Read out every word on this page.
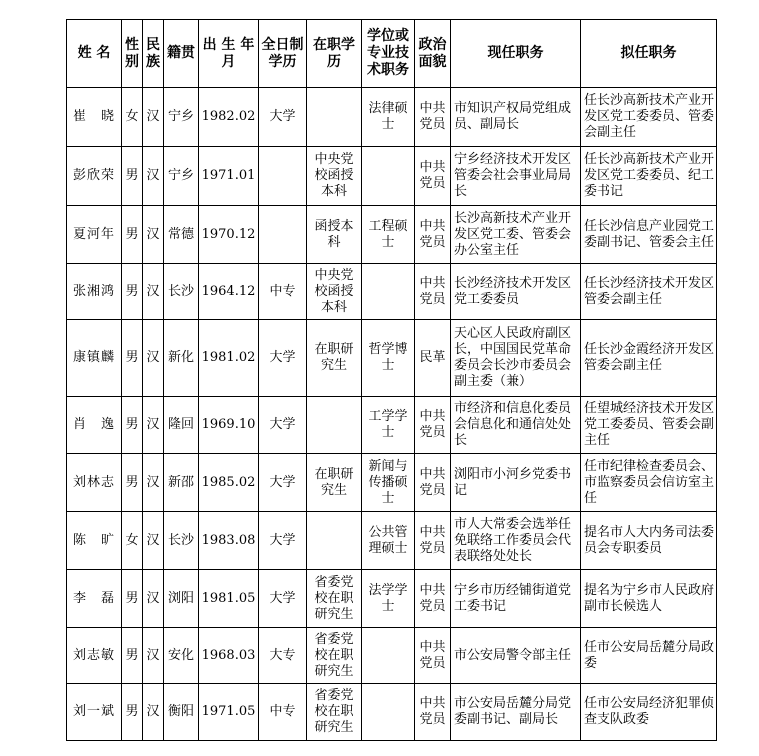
姓 名	性别	民族	籍贯	出 生 年 月	全日制学历	在职学历	学位或专业技术职务	政治面貌	现任职务	拟任职务
崔　晓	女	汉	宁乡	1982.02	大学		法律硕士	中共党员	市知识产权局党组成员、副局长	任长沙高新技术产业开发区党工委委员、管委会副主任
彭欣荣	男	汉	宁乡	1971.01		中央党校函授本科		中共党员	宁乡经济技术开发区管委会社会事业局局长	任长沙高新技术产业开发区党工委委员、纪工委书记
夏河年	男	汉	常德	1970.12		函授本科	工程硕士	中共党员	长沙高新技术产业开发区党工委、管委会办公室主任	任长沙信息产业园党工委副书记、管委会主任
张湘鸿	男	汉	长沙	1964.12	中专	中央党校函授本科		中共党员	长沙经济技术开发区党工委委员	任长沙经济技术开发区管委会副主任
康镇麟	男	汉	新化	1981.02	大学	在职研究生	哲学博士	民革	天心区人民政府副区长，中国国民党革命委员会长沙市委员会副主委（兼）	任长沙金霞经济开发区管委会副主任
肖　逸	男	汉	隆回	1969.10	大学		工学学士	中共党员	市经济和信息化委员会信息化和通信处处长	任望城经济技术开发区党工委委员、管委会副主任
刘林志	男	汉	新邵	1985.02	大学	在职研究生	新闻与传播硕士	中共党员	浏阳市小河乡党委书记	任市纪律检查委员会、市监察委员会信访室主任
陈　旷	女	汉	长沙	1983.08	大学		公共管理硕士	中共党员	市人大常委会选举任免联络工作委员会代表联络处处长	提名市人大内务司法委员会专职委员
李　磊	男	汉	浏阳	1981.05	大学	省委党校在职研究生	法学学士	中共党员	宁乡市历经铺街道党工委书记	提名为宁乡市人民政府副市长候选人
刘志敏	男	汉	安化	1968.03	大专	省委党校在职研究生		中共党员	市公安局警令部主任	任市公安局岳麓分局政委
刘一斌	男	汉	衡阳	1971.05	中专	省委党校在职研究生		中共党员	市公安局岳麓分局党委副书记、副局长	任市公安局经济犯罪侦查支队政委
